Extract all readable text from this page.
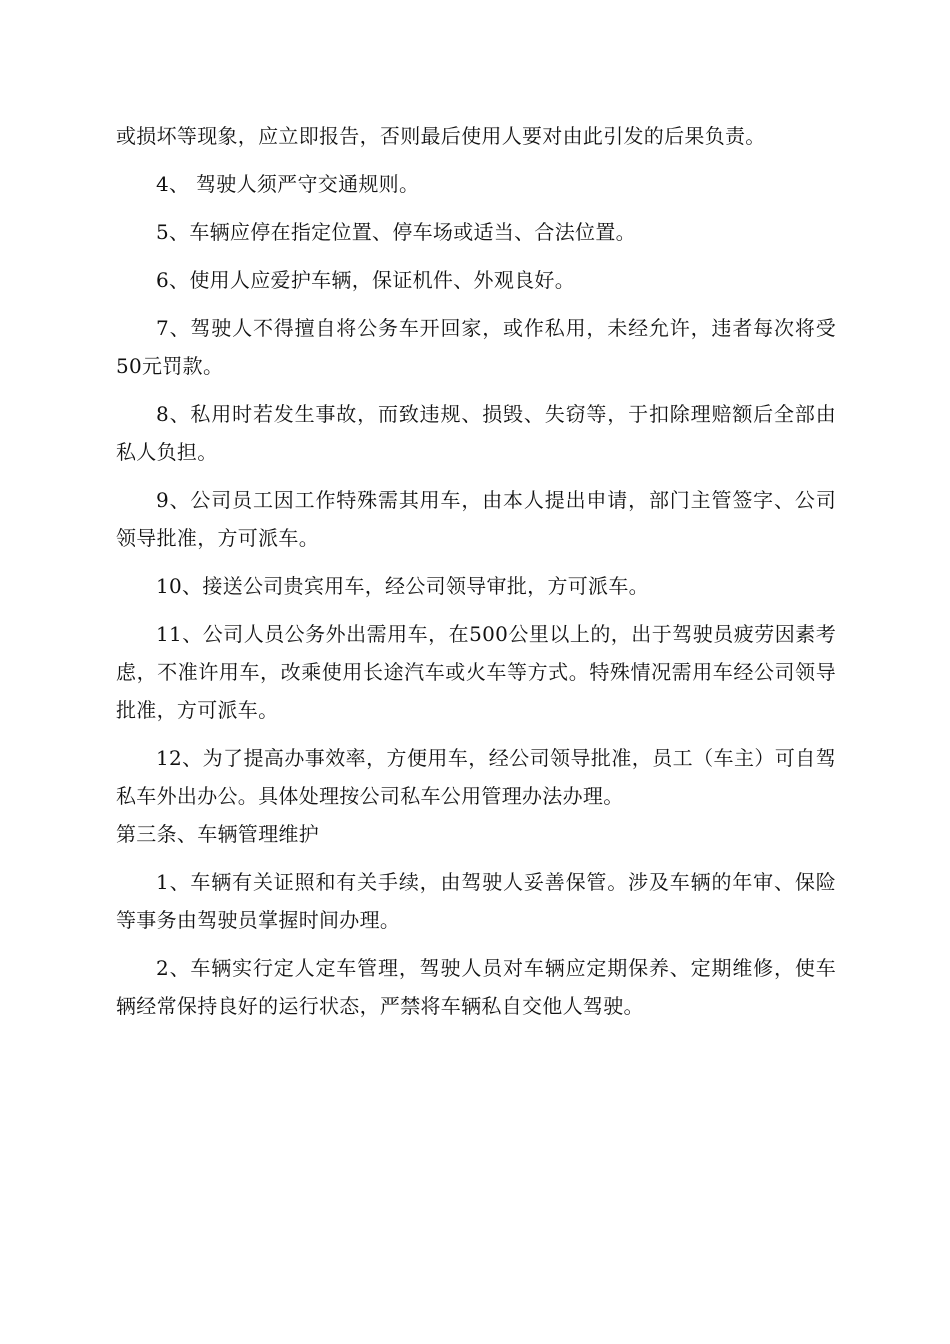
或损坏等现象，应立即报告，否则最后使用人要对由此引发的后果负责。

4、 驾驶人须严守交通规则。

5、车辆应停在指定位置、停车场或适当、合法位置。

6、使用人应爱护车辆，保证机件、外观良好。

7、驾驶人不得擅自将公务车开回家，或作私用，未经允许，违者每次将受50元罚款。

8、私用时若发生事故，而致违规、损毁、失窃等，于扣除理赔额后全部由私人负担。

9、公司员工因工作特殊需其用车，由本人提出申请，部门主管签字、公司领导批准，方可派车。

10、接送公司贵宾用车，经公司领导审批，方可派车。

11、公司人员公务外出需用车，在500公里以上的，出于驾驶员疲劳因素考虑，不准许用车，改乘使用长途汽车或火车等方式。特殊情况需用车经公司领导批准，方可派车。

12、为了提高办事效率，方便用车，经公司领导批准，员工（车主）可自驾私车外出办公。具体处理按公司私车公用管理办法办理。

第三条、车辆管理维护

1、车辆有关证照和有关手续，由驾驶人妥善保管。涉及车辆的年审、保险等事务由驾驶员掌握时间办理。

2、车辆实行定人定车管理，驾驶人员对车辆应定期保养、定期维修，使车辆经常保持良好的运行状态，严禁将车辆私自交他人驾驶。
